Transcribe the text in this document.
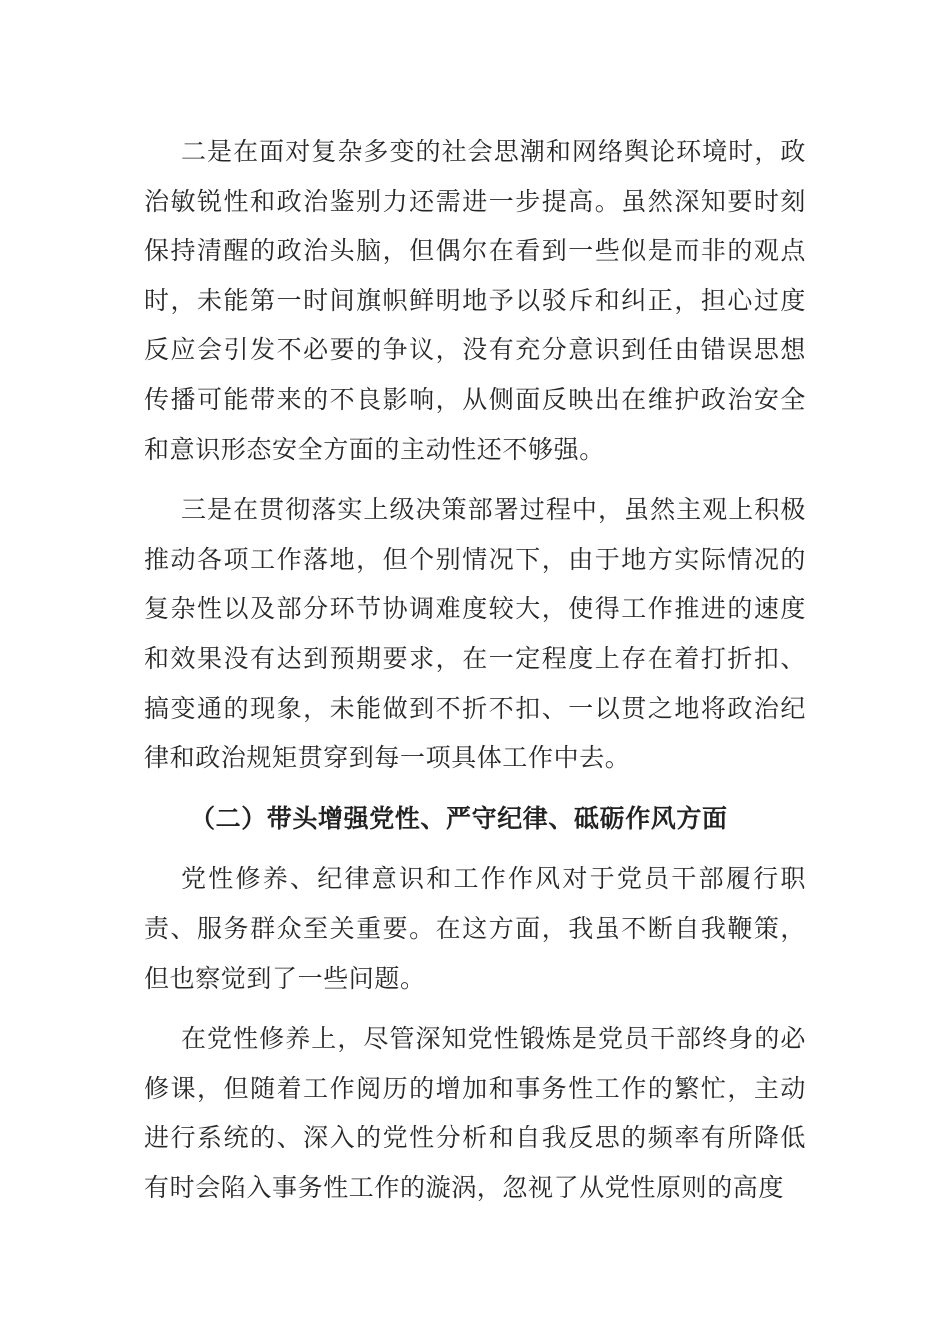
二是在面对复杂多变的社会思潮和网络舆论环境时，政治敏锐性和政治鉴别力还需进一步提高。虽然深知要时刻保持清醒的政治头脑，但偶尔在看到一些似是而非的观点时，未能第一时间旗帜鲜明地予以驳斥和纠正，担心过度反应会引发不必要的争议，没有充分意识到任由错误思想传播可能带来的不良影响，从侧面反映出在维护政治安全和意识形态安全方面的主动性还不够强。

三是在贯彻落实上级决策部署过程中，虽然主观上积极推动各项工作落地，但个别情况下，由于地方实际情况的复杂性以及部分环节协调难度较大，使得工作推进的速度和效果没有达到预期要求，在一定程度上存在着打折扣、搞变通的现象，未能做到不折不扣、一以贯之地将政治纪律和政治规矩贯穿到每一项具体工作中去。

（二）带头增强党性、严守纪律、砥砺作风方面

党性修养、纪律意识和工作作风对于党员干部履行职责、服务群众至关重要。在这方面，我虽不断自我鞭策，但也察觉到了一些问题。

在党性修养上，尽管深知党性锻炼是党员干部终身的必修课，但随着工作阅历的增加和事务性工作的繁忙，主动进行系统的、深入的党性分析和自我反思的频率有所降低有时会陷入事务性工作的漩涡，忽视了从党性原则的高度
